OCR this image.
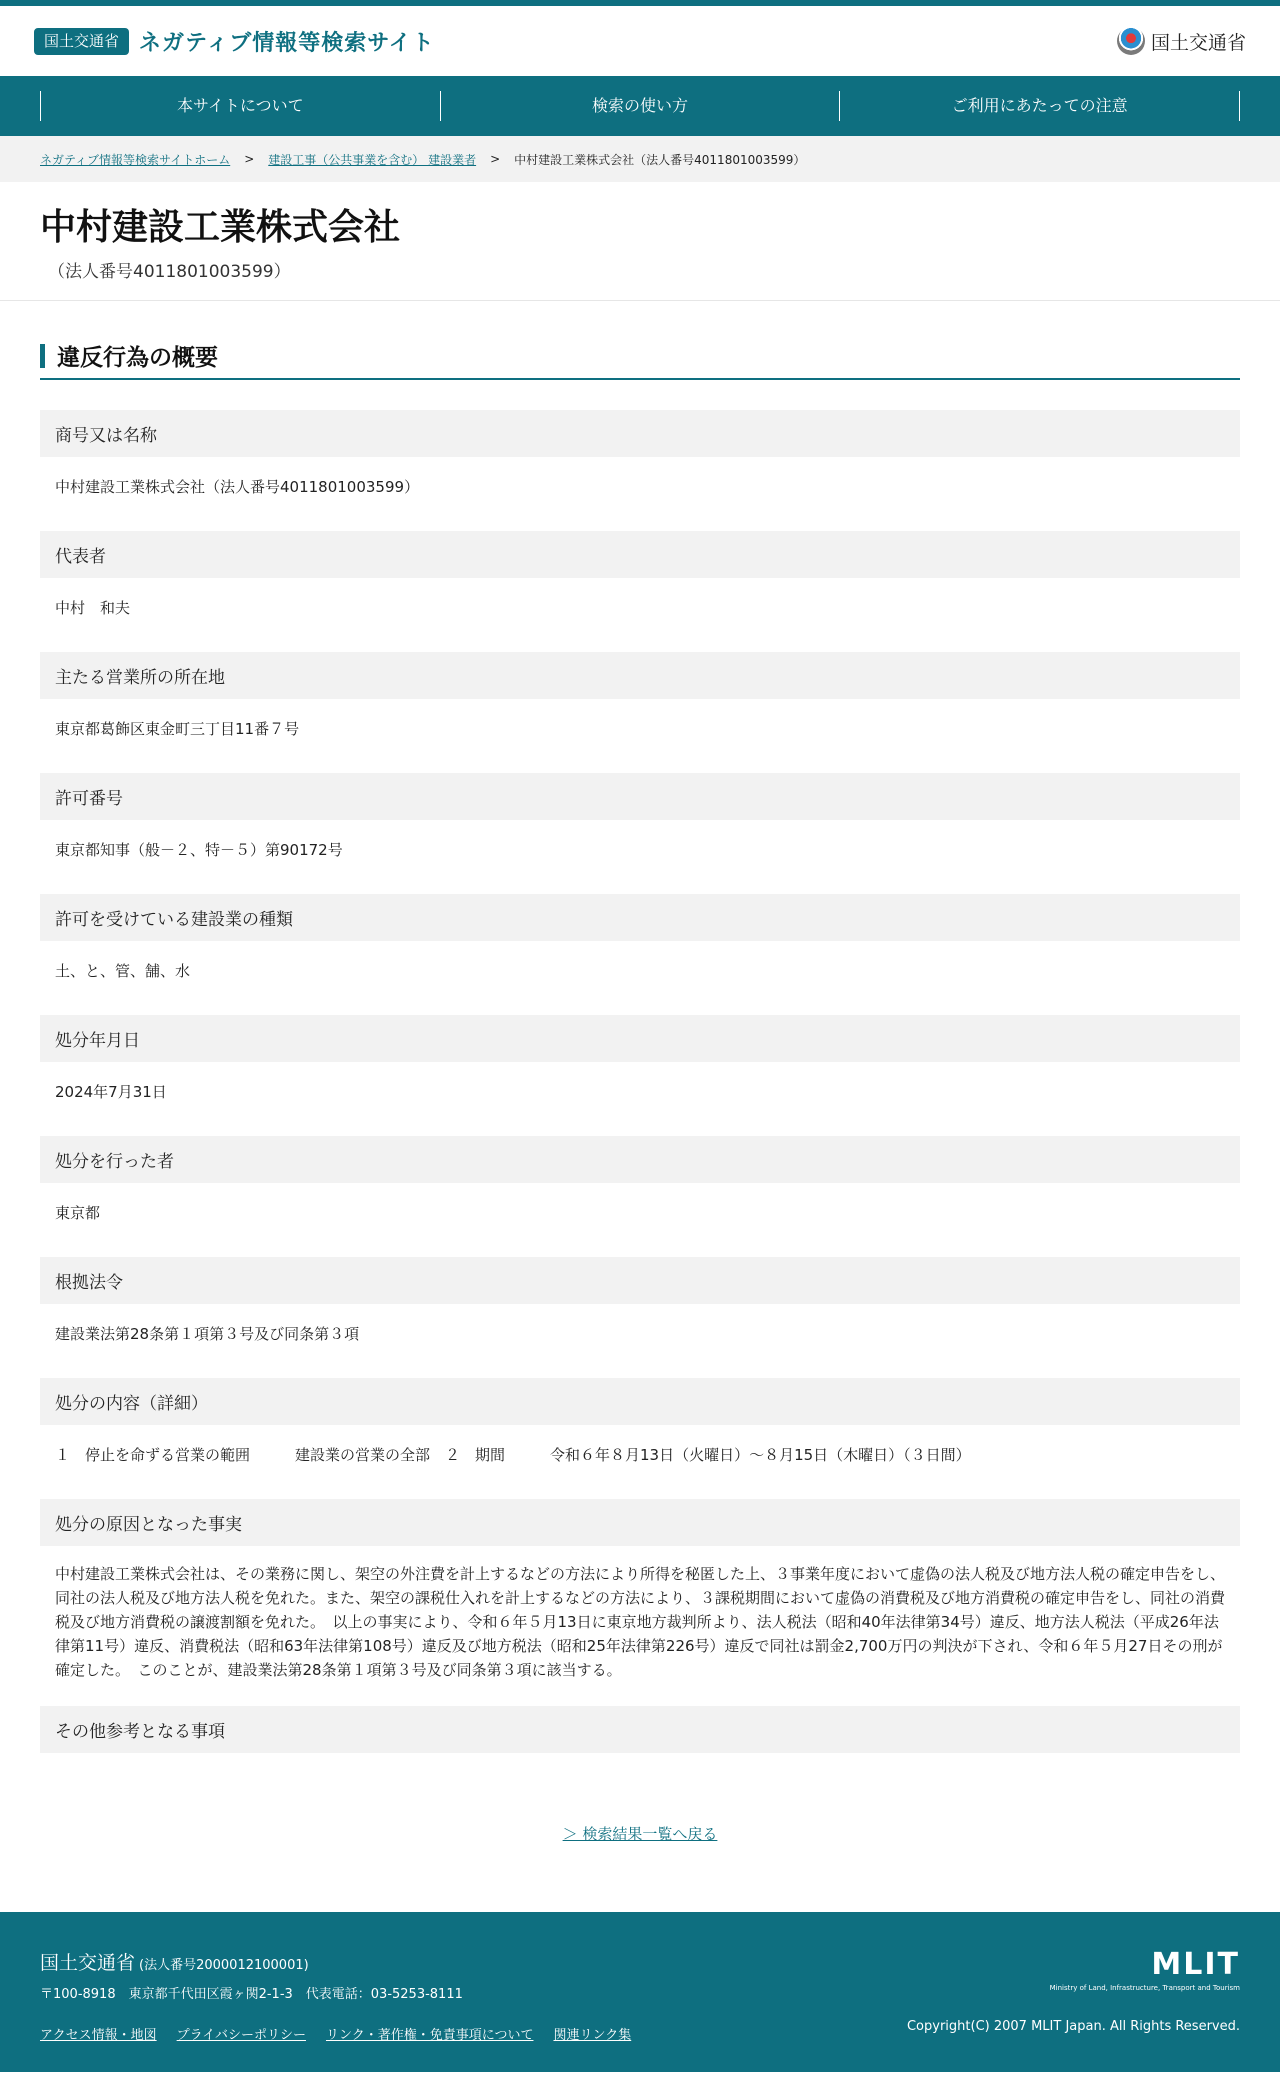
国土交通省 ネガティブ情報等検索サイト	国土交通省
本サイトについて	検索の使い方	ご利用にあたっての注意
ネガティブ情報等検索サイトホーム	>	建設工事（公共事業を含む） 建設業者	>	中村建設工業株式会社（法人番号4011801003599）
中村建設工業株式会社
（法人番号4011801003599）
違反行為の概要
商号又は名称
中村建設工業株式会社（法人番号4011801003599）
代表者
中村　和夫
主たる営業所の所在地
東京都葛飾区東金町三丁目11番７号
許可番号
東京都知事（般－２、特－５）第90172号
許可を受けている建設業の種類
土、と、管、舗、水
処分年月日
2024年7月31日
処分を行った者
東京都
根拠法令
建設業法第28条第１項第３号及び同条第３項
処分の内容（詳細）
１　停止を命ずる営業の範囲　　　建設業の営業の全部　２　期間　　　令和６年８月13日（火曜日）～８月15日（木曜日）（３日間）
処分の原因となった事実
中村建設工業株式会社は、その業務に関し、架空の外注費を計上するなどの方法により所得を秘匿した上、３事業年度において虚偽の法人税及び地方法人税の確定申告をし、同社の法人税及び地方法人税を免れた。また、架空の課税仕入れを計上するなどの方法により、３課税期間において虚偽の消費税及び地方消費税の確定申告をし、同社の消費税及び地方消費税の譲渡割額を免れた。　以上の事実により、令和６年５月13日に東京地方裁判所より、法人税法（昭和40年法律第34号）違反、地方法人税法（平成26年法律第11号）違反、消費税法（昭和63年法律第108号）違反及び地方税法（昭和25年法律第226号）違反で同社は罰金2,700万円の判決が下され、令和６年５月27日その刑が確定した。　このことが、建設業法第28条第１項第３号及び同条第３項に該当する。
その他参考となる事項
＞ 検索結果一覧へ戻る
国土交通省 (法人番号2000012100001)
〒100-8918　東京都千代田区霞ヶ関2-1-3　代表電話：03-5253-8111
アクセス情報・地図 プライバシーポリシー リンク・著作権・免責事項について 関連リンク集
MLIT
Ministry of Land, Infrastructure, Transport and Tourism
Copyright(C) 2007 MLIT Japan. All Rights Reserved.
